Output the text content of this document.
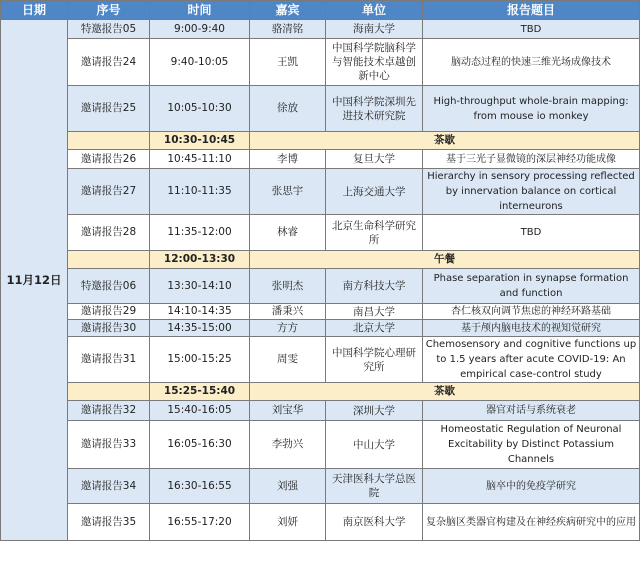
日期	序号	时间	嘉宾	单位	报告题目
11月12日	特邀报告05	9:00-9:40	骆清铭	海南大学	TBD
	邀请报告24	9:40-10:05	王凯	中国科学院脑科学与智能技术卓越创新中心	脑动态过程的快速三维光场成像技术
	邀请报告25	10:05-10:30	徐放	中国科学院深圳先进技术研究院	High-throughput whole-brain mapping: from mouse io monkey
		10:30-10:45	茶歇		
	邀请报告26	10:45-11:10	李博	复旦大学	基于三光子显微镜的深层神经功能成像
	邀请报告27	11:10-11:35	张思宇	上海交通大学	Hierarchy in sensory processing reflected by innervation balance on cortical interneurons
	邀请报告28	11:35-12:00	林睿	北京生命科学研究所	TBD
		12:00-13:30	午餐		
	特邀报告06	13:30-14:10	张明杰	南方科技大学	Phase separation in synapse formation and function
	邀请报告29	14:10-14:35	潘秉兴	南昌大学	杏仁核双向调节焦虑的神经环路基础
	邀请报告30	14:35-15:00	方方	北京大学	基于颅内脑电技术的视知觉研究
	邀请报告31	15:00-15:25	周雯	中国科学院心理研究所	Chemosensory and cognitive functions up to 1.5 years after acute COVID-19: An empirical case-control study
		15:25-15:40	茶歇		
	邀请报告32	15:40-16:05	刘宝华	深圳大学	器官对话与系统衰老
	邀请报告33	16:05-16:30	李勃兴	中山大学	Homeostatic Regulation of Neuronal Excitability by Distinct Potassium Channels
	邀请报告34	16:30-16:55	刘强	天津医科大学总医院	脑卒中的免疫学研究
	邀请报告35	16:55-17:20	刘妍	南京医科大学	复杂脑区类器官构建及在神经疾病研究中的应用
